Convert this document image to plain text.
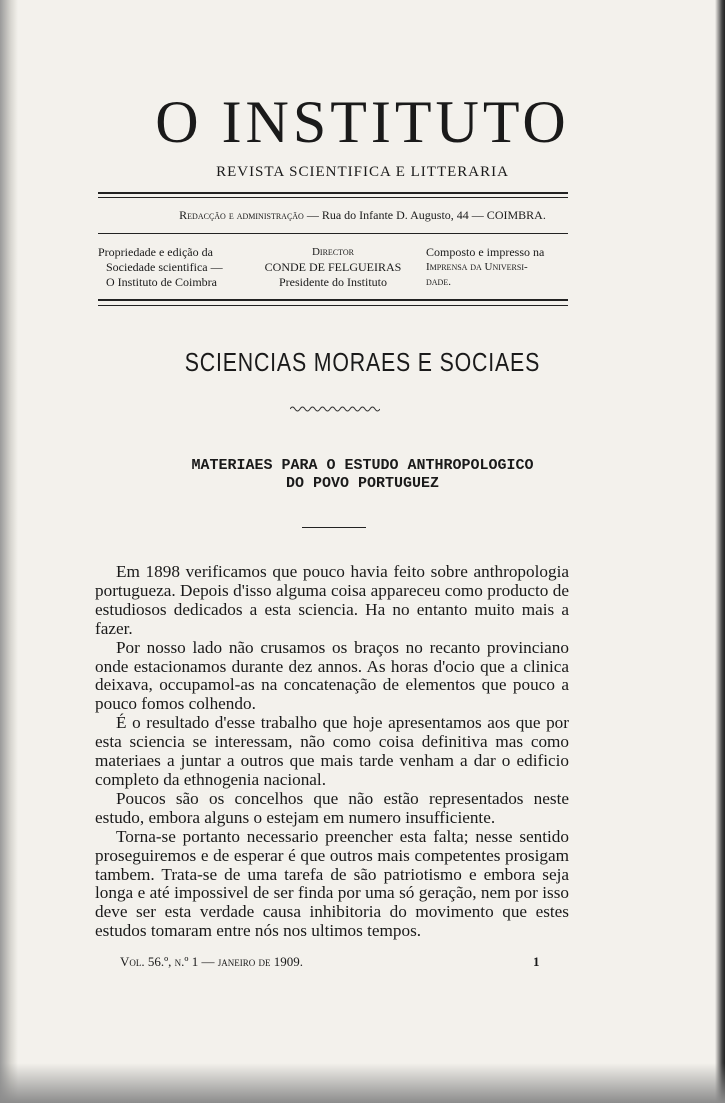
O INSTITUTO
REVISTA SCIENTIFICA E LITTERARIA
Redacção e administração — Rua do Infante D. Augusto, 44 — COIMBRA.
Propriedade e edição da
Sociedade scientifica —
O Instituto de Coimbra
Director
CONDE DE FELGUEIRAS
Presidente do Instituto
Composto e impresso na
Imprensa da Universi-
dade.
SCIENCIAS MORAES E SOCIAES
MATERIAES PARA O ESTUDO ANTHROPOLOGICO
DO POVO PORTUGUEZ

Em 1898 verificamos que pouco havia feito sobre anthropologia portugueza. Depois d'isso alguma coisa appareceu como producto de estudiosos dedicados a esta sciencia. Ha no entanto muito mais a fazer.

Por nosso lado não crusamos os braços no recanto provinciano onde estacionamos durante dez annos. As horas d'ocio que a clinica deixava, occupamol-as na concatenação de elementos que pouco a pouco fomos colhendo.

É o resultado d'esse trabalho que hoje apresentamos aos que por esta sciencia se interessam, não como coisa definitiva mas como materiaes a juntar a outros que mais tarde venham a dar o edificio completo da ethnogenia nacional.

Poucos são os concelhos que não estão representados neste estudo, embora alguns o estejam em numero insufficiente.

Torna-se portanto necessario preencher esta falta; nesse sentido proseguiremos e de esperar é que outros mais competentes prosigam tambem. Trata-se de uma tarefa de são patriotismo e embora seja longa e até impossivel de ser finda por uma só geração, nem por isso deve ser esta verdade causa inhibitoria do movimento que estes estudos tomaram entre nós nos ultimos tempos.

Vol. 56.º, n.º 1 — janeiro de 1909.	1
